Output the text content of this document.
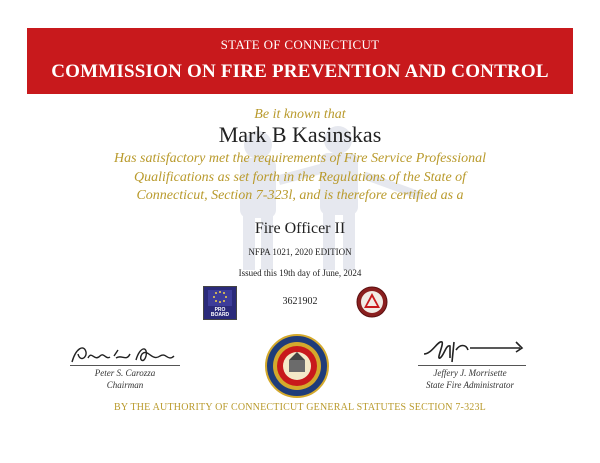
STATE OF CONNECTICUT
COMMISSION ON FIRE PREVENTION AND CONTROL
Be it known that
Mark B Kasinskas
Has satisfactory met the requirements of Fire Service Professional
Qualifications as set forth in the Regulations of the State of
Connecticut, Section 7-323l, and is therefore certified as a
Fire Officer II
NFPA 1021, 2020 EDITION
Issued this 19th day of June, 2024
3621902
PRO
BOARD
Peter S. Carozza
Chairman
Jeffery J. Morrisette
State Fire Administrator
BY THE AUTHORITY OF CONNECTICUT GENERAL STATUTES SECTION 7-323L
